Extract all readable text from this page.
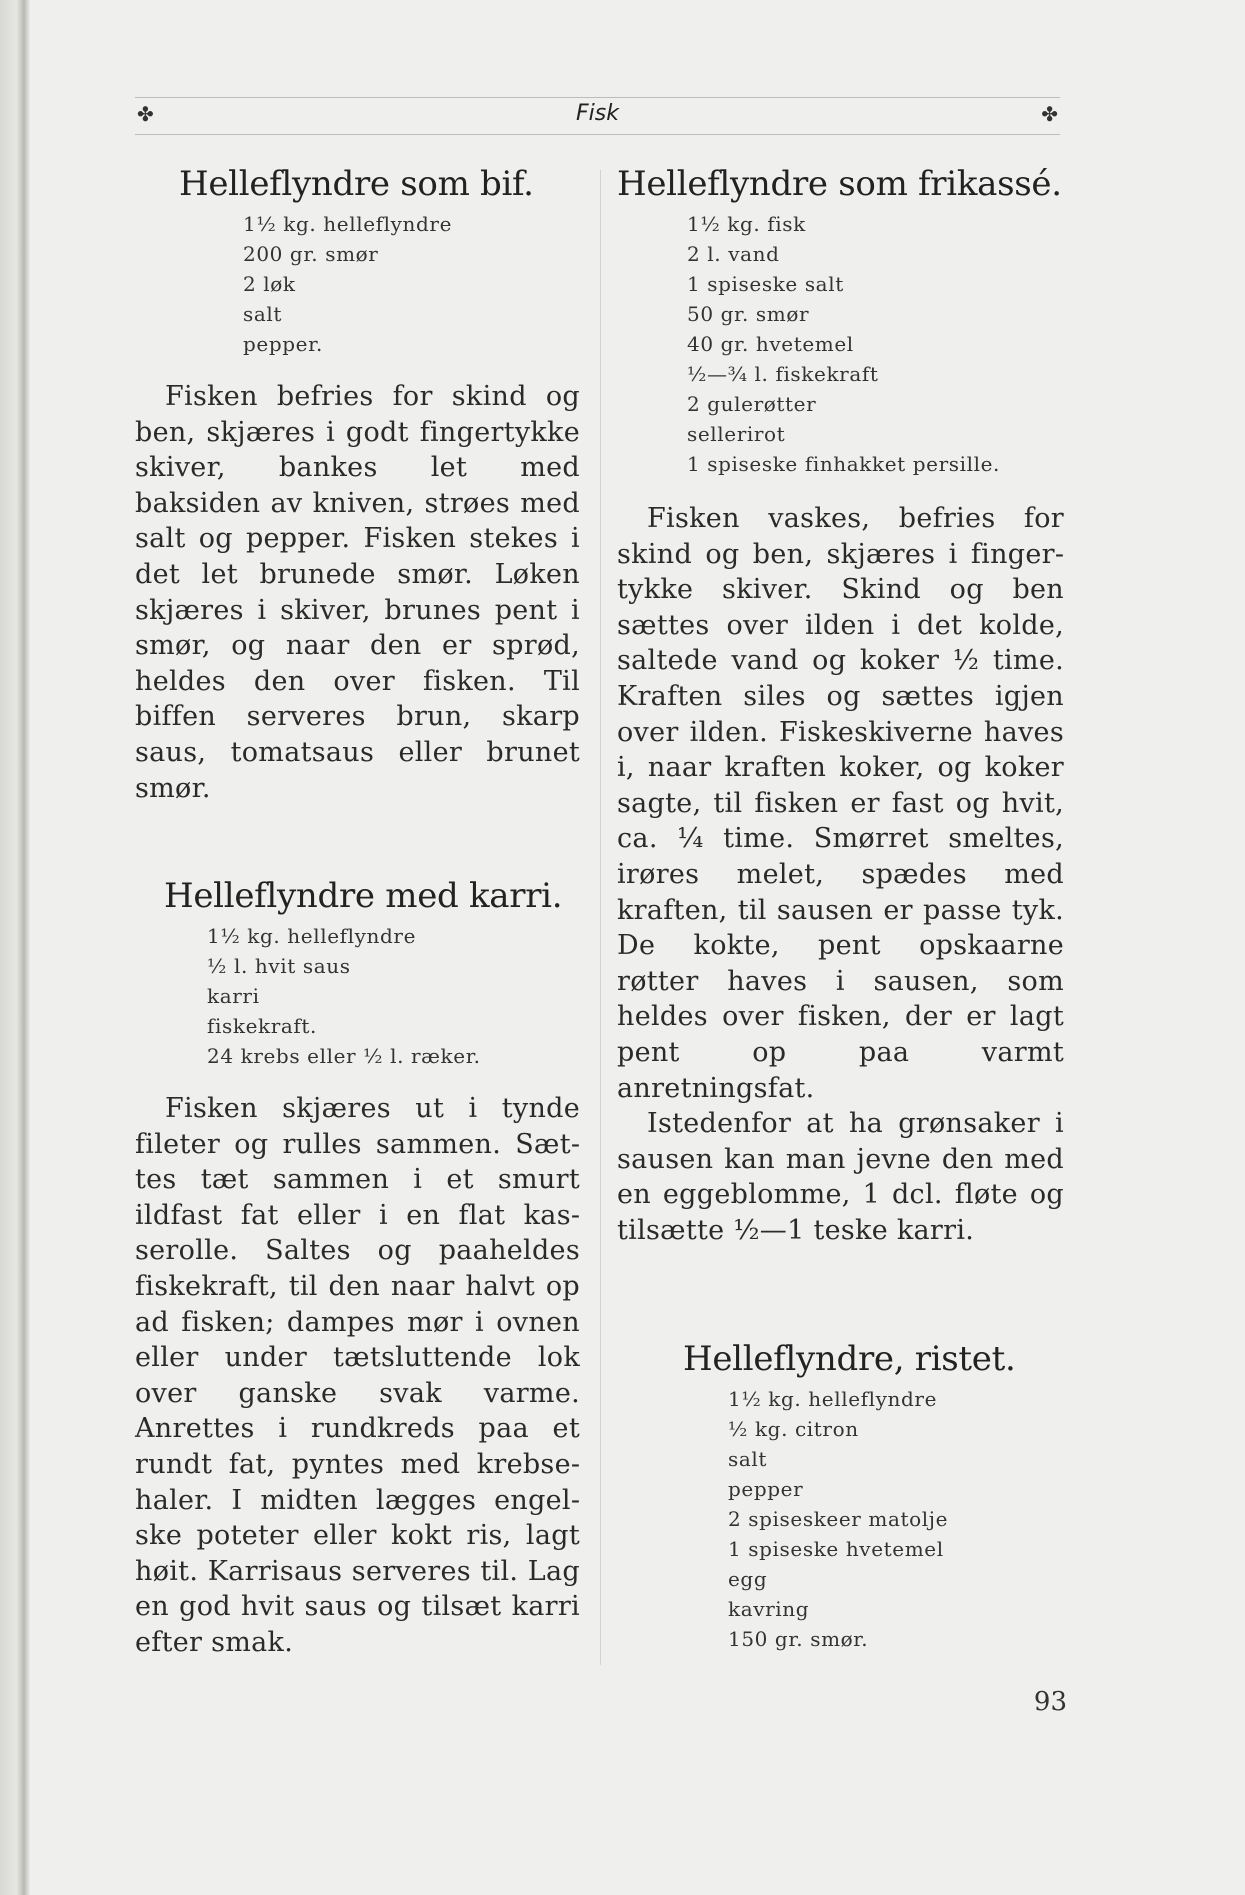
✤	Fisk	✤
Helleflyndre som bif.
1½ kg. helleflyndre
200 gr. smør
2 løk
salt
pepper.

Fisken befries for skind og ben, skjæres i godt fingertykke skiver, bankes let med baksiden av kniven, strøes med salt og pepper. Fisken stekes i det let brunede smør. Løken skjæres i skiver, brunes pent i smør, og naar den er sprød, heldes den over fisken. Til biffen serveres brun, skarp saus, tomatsaus eller brunet smør.

Helleflyndre med karri.
1½ kg. helleflyndre
½ l. hvit saus
karri
fiskekraft.
24 krebs eller ½ l. ræker.

Fisken skjæres ut i tynde fileter og rulles sammen. Sættes tæt sammen i et smurt ildfast fat eller i en flat kasserolle. Saltes og paaheldes fiskekraft, til den naar halvt op ad fisken; dampes mør i ovnen eller under tætsluttende lok over ganske svak varme. Anrettes i rundkreds paa et rundt fat, pyntes med krebsehaler. I midten lægges engelske poteter eller kokt ris, lagt høit. Karrisaus serveres til. Lag en god hvit saus og tilsæt karri efter smak.

Helleflyndre som frikassé.
1½ kg. fisk
2 l. vand
1 spiseske salt
50 gr. smør
40 gr. hvetemel
½—¾ l. fiskekraft
2 gulerøtter
sellerirot
1 spiseske finhakket persille.

Fisken vaskes, befries for skind og ben, skjæres i fingertykke skiver. Skind og ben sættes over ilden i det kolde, saltede vand og koker ½ time. Kraften siles og sættes igjen over ilden. Fiskeskiverne haves i, naar kraften koker, og koker sagte, til fisken er fast og hvit, ca. ¼ time. Smørret smeltes, irøres melet, spædes med kraften, til sausen er passe tyk. De kokte, pent opskaarne røtter haves i sausen, som heldes over fisken, der er lagt pent op paa varmt anretningsfat.

Istedenfor at ha grønsaker i sausen kan man jevne den med en eggeblomme, 1 dcl. fløte og tilsætte ½—1 teske karri.

Helleflyndre, ristet.
1½ kg. helleflyndre
½ kg. citron
salt
pepper
2 spiseskeer matolje
1 spiseske hvetemel
egg
kavring
150 gr. smør.
93
